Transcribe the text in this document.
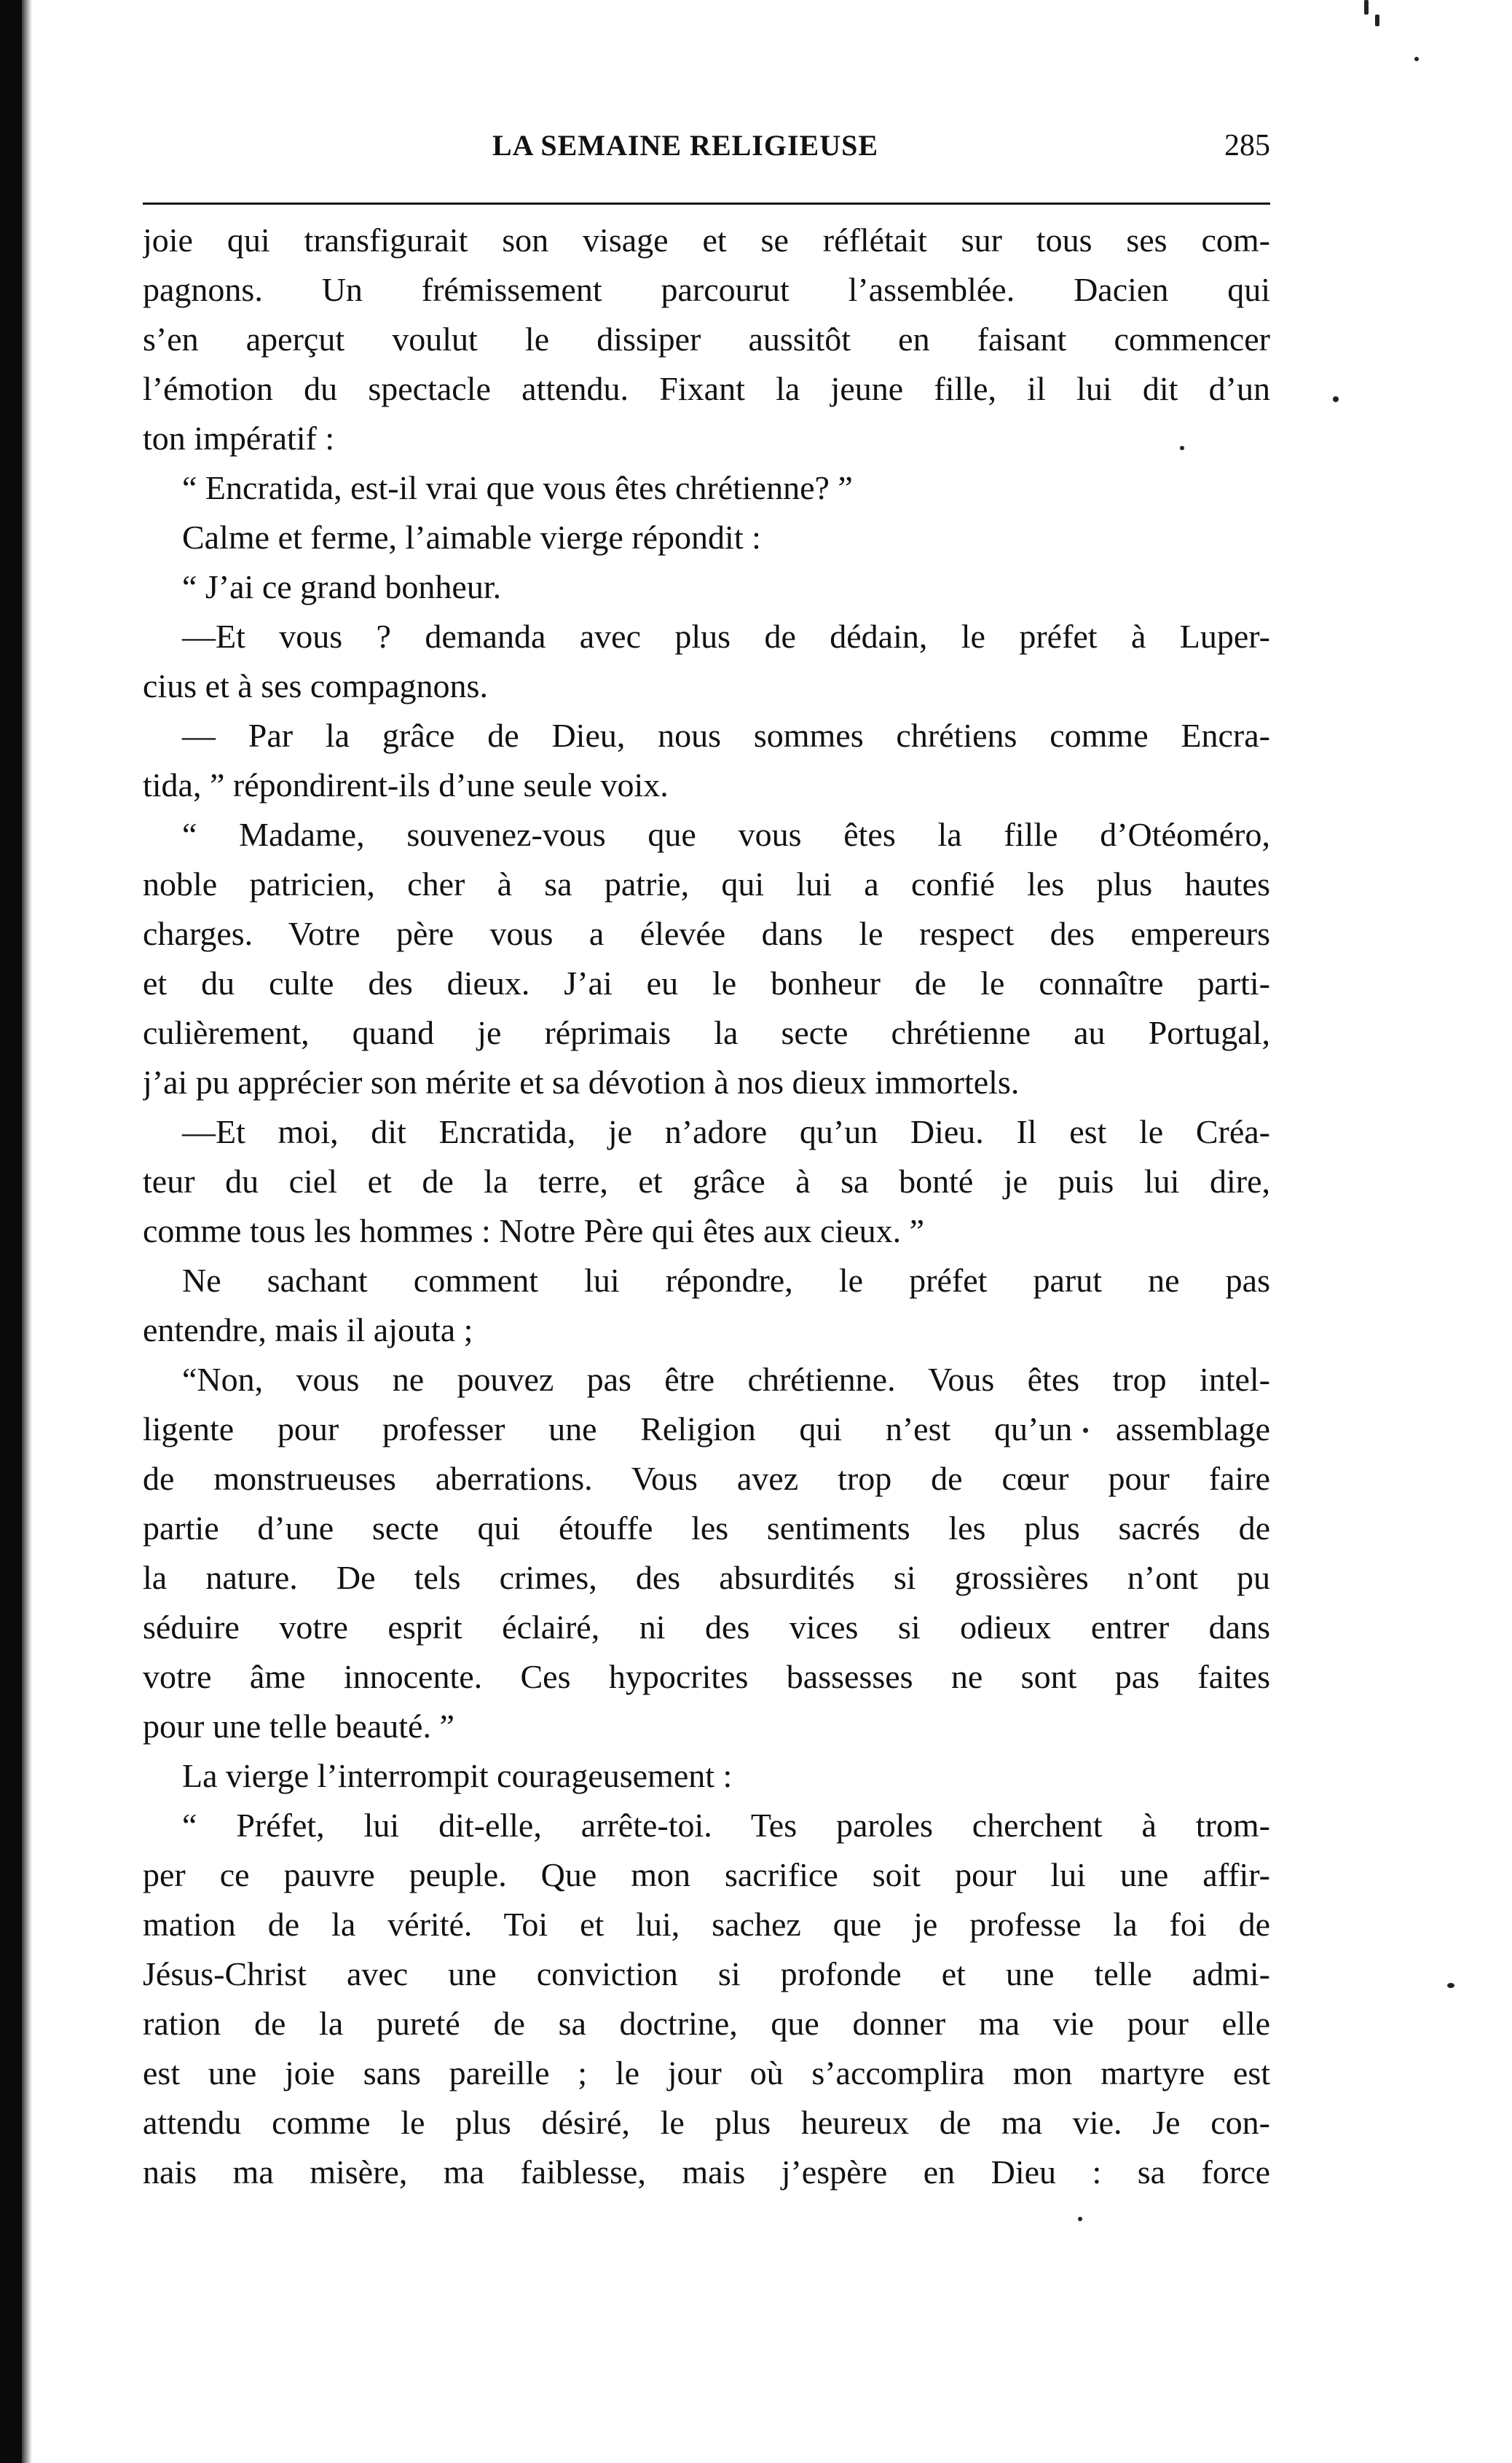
LA SEMAINE RELIGIEUSE	285
joie qui transfigurait son visage et se réflétait sur tous ses com-
pagnons. Un frémissement parcourut l’assemblée. Dacien qui
s’en aperçut voulut le dissiper aussitôt en faisant commencer
l’émotion du spectacle attendu. Fixant la jeune fille, il lui dit d’un
ton impératif :
“ Encratida, est-il vrai que vous êtes chrétienne? ”
Calme et ferme, l’aimable vierge répondit :
“ J’ai ce grand bonheur.
—Et vous ? demanda avec plus de dédain, le préfet à Luper-
cius et à ses compagnons.
— Par la grâce de Dieu, nous sommes chrétiens comme Encra-
tida, ” répondirent-ils d’une seule voix.
“ Madame, souvenez-vous que vous êtes la fille d’Otéoméro,
noble patricien, cher à sa patrie, qui lui a confié les plus hautes
charges. Votre père vous a élevée dans le respect des empereurs
et du culte des dieux. J’ai eu le bonheur de le connaître parti-
culièrement, quand je réprimais la secte chrétienne au Portugal,
j’ai pu apprécier son mérite et sa dévotion à nos dieux immortels.
—Et moi, dit Encratida, je n’adore qu’un Dieu. Il est le Créa-
teur du ciel et de la terre, et grâce à sa bonté je puis lui dire,
comme tous les hommes : Notre Père qui êtes aux cieux. ”
Ne sachant comment lui répondre, le préfet parut ne pas
entendre, mais il ajouta ;
“Non, vous ne pouvez pas être chrétienne. Vous êtes trop intel-
ligente pour professer une Religion qui n’est qu’un assemblage
de monstrueuses aberrations. Vous avez trop de cœur pour faire
partie d’une secte qui étouffe les sentiments les plus sacrés de
la nature. De tels crimes, des absurdités si grossières n’ont pu
séduire votre esprit éclairé, ni des vices si odieux entrer dans
votre âme innocente. Ces hypocrites bassesses ne sont pas faites
pour une telle beauté. ”
La vierge l’interrompit courageusement :
“ Préfet, lui dit-elle, arrête-toi. Tes paroles cherchent à trom-
per ce pauvre peuple. Que mon sacrifice soit pour lui une affir-
mation de la vérité. Toi et lui, sachez que je professe la foi de
Jésus-Christ avec une conviction si profonde et une telle admi-
ration de la pureté de sa doctrine, que donner ma vie pour elle
est une joie sans pareille ; le jour où s’accomplira mon martyre est
attendu comme le plus désiré, le plus heureux de ma vie. Je con-
nais ma misère, ma faiblesse, mais j’espère en Dieu : sa force
